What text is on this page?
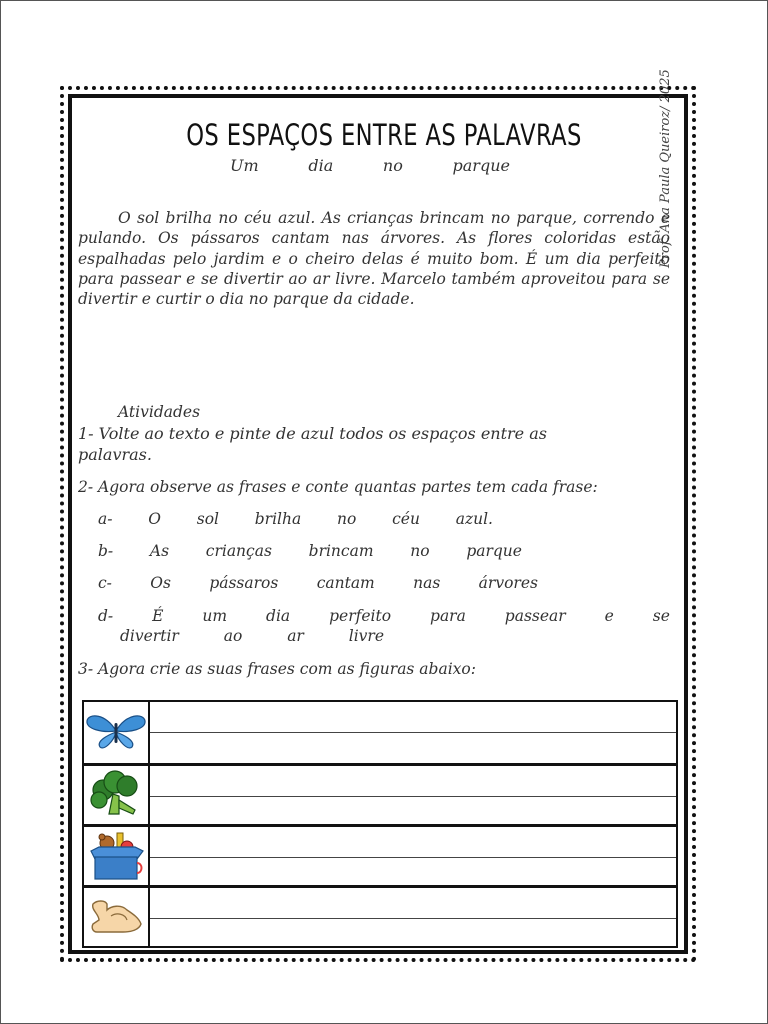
OS ESPAÇOS ENTRE AS PALAVRAS
Um	dia	no	parque	Prof. Ana Paula Queiroz/ 2025
O sol brilha no céu azul. As crianças brincam no parque, correndo e pulando. Os pássaros cantam nas árvores. As flores coloridas estão espalhadas pelo jardim e o cheiro delas é muito bom. É um dia perfeito para passear e se divertir ao ar livre. Marcelo também aproveitou para se divertir e curtir o dia no parque da cidade.
Atividades
1- Volte ao texto e pinte de azul todos os espaços entre as
palavras.
2- Agora observe as frases e conte quantas partes tem cada frase:
a- O sol brilha no céu azul.
b- As crianças brincam no parque
c- Os pássaros cantam nas árvores
d-	É	um	dia	perfeito	para	passear	e	se
divertir	ao	ar	livre
3- Agora crie as suas frases com as figuras abaixo:
